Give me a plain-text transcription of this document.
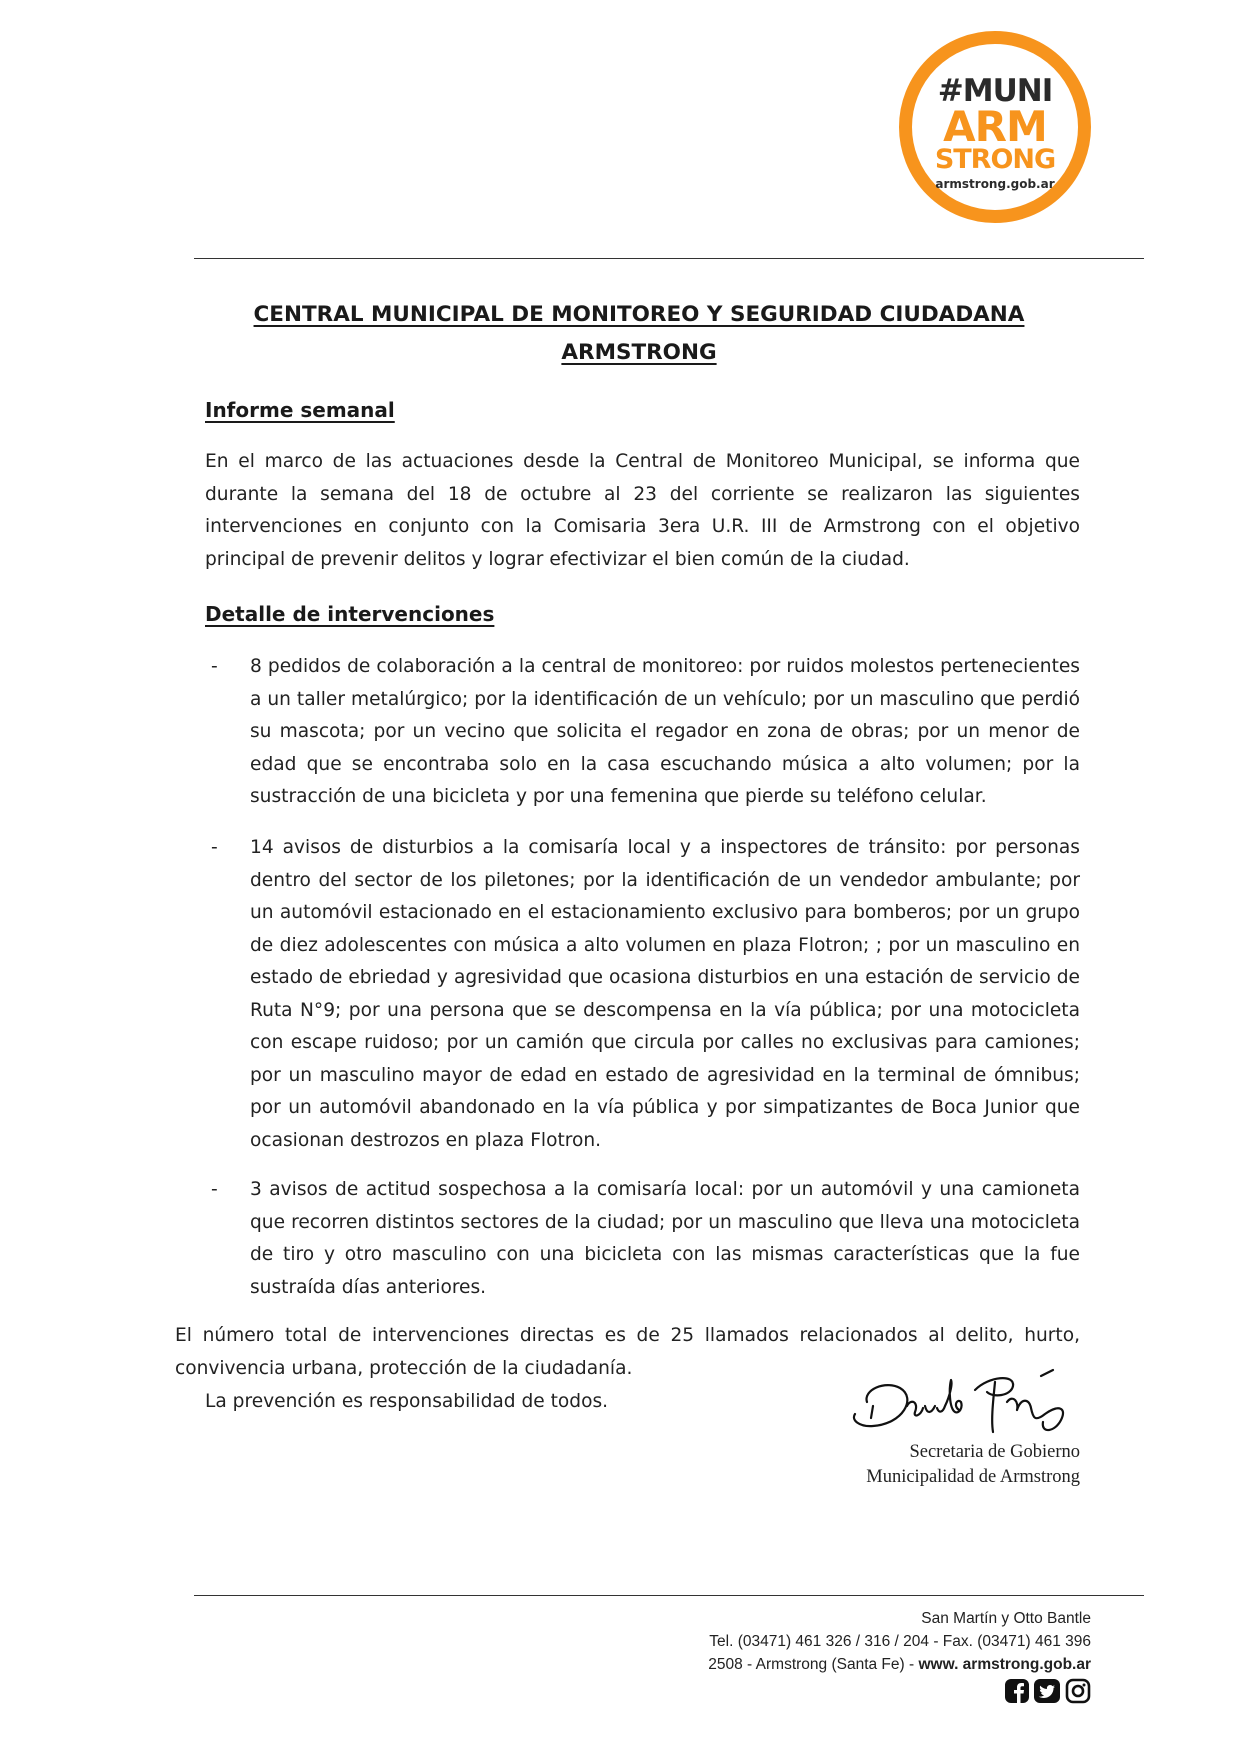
#MUNI
ARM
STRONG
armstrong.gob.ar
CENTRAL MUNICIPAL DE MONITOREO Y SEGURIDAD CIUDADANA
ARMSTRONG
Informe semanal
En el marco de las actuaciones desde la Central de Monitoreo Municipal, se informa que durante la semana del 18 de octubre al 23 del corriente se realizaron las siguientes intervenciones en conjunto con la Comisaria 3era U.R. III de Armstrong con el objetivo principal de prevenir delitos y lograr efectivizar el bien común de la ciudad.
Detalle de intervenciones
- 8 pedidos de colaboración a la central de monitoreo: por ruidos molestos pertenecientes a un taller metalúrgico; por la identificación de un vehículo; por un masculino que perdió su mascota; por un vecino que solicita el regador en zona de obras; por un menor de edad que se encontraba solo en la casa escuchando música a alto volumen; por la sustracción de una bicicleta y por una femenina que pierde su teléfono celular.
- 14 avisos de disturbios a la comisaría local y a inspectores de tránsito: por personas dentro del sector de los piletones; por la identificación de un vendedor ambulante; por un automóvil estacionado en el estacionamiento exclusivo para bomberos; por un grupo de diez adolescentes con música a alto volumen en plaza Flotron; ; por un masculino en estado de ebriedad y agresividad que ocasiona disturbios en una estación de servicio de Ruta N°9; por una persona que se descompensa en la vía pública; por una motocicleta con escape ruidoso; por un camión que circula por calles no exclusivas para camiones; por un masculino mayor de edad en estado de agresividad en la terminal de ómnibus; por un automóvil abandonado en la vía pública y por simpatizantes de Boca Junior que ocasionan destrozos en plaza Flotron.
- 3 avisos de actitud sospechosa a la comisaría local: por un automóvil y una camioneta que recorren distintos sectores de la ciudad; por un masculino que lleva una motocicleta de tiro y otro masculino con una bicicleta con las mismas características que la fue sustraída días anteriores.
El número total de intervenciones directas es de 25 llamados relacionados al delito, hurto, convivencia urbana, protección de la ciudadanía.
La prevención es responsabilidad de todos.
Secretaria de Gobierno
Municipalidad de Armstrong
San Martín y Otto Bantle
Tel. (03471) 461 326 / 316 / 204 - Fax. (03471) 461 396
2508 - Armstrong (Santa Fe) - www. armstrong.gob.ar
